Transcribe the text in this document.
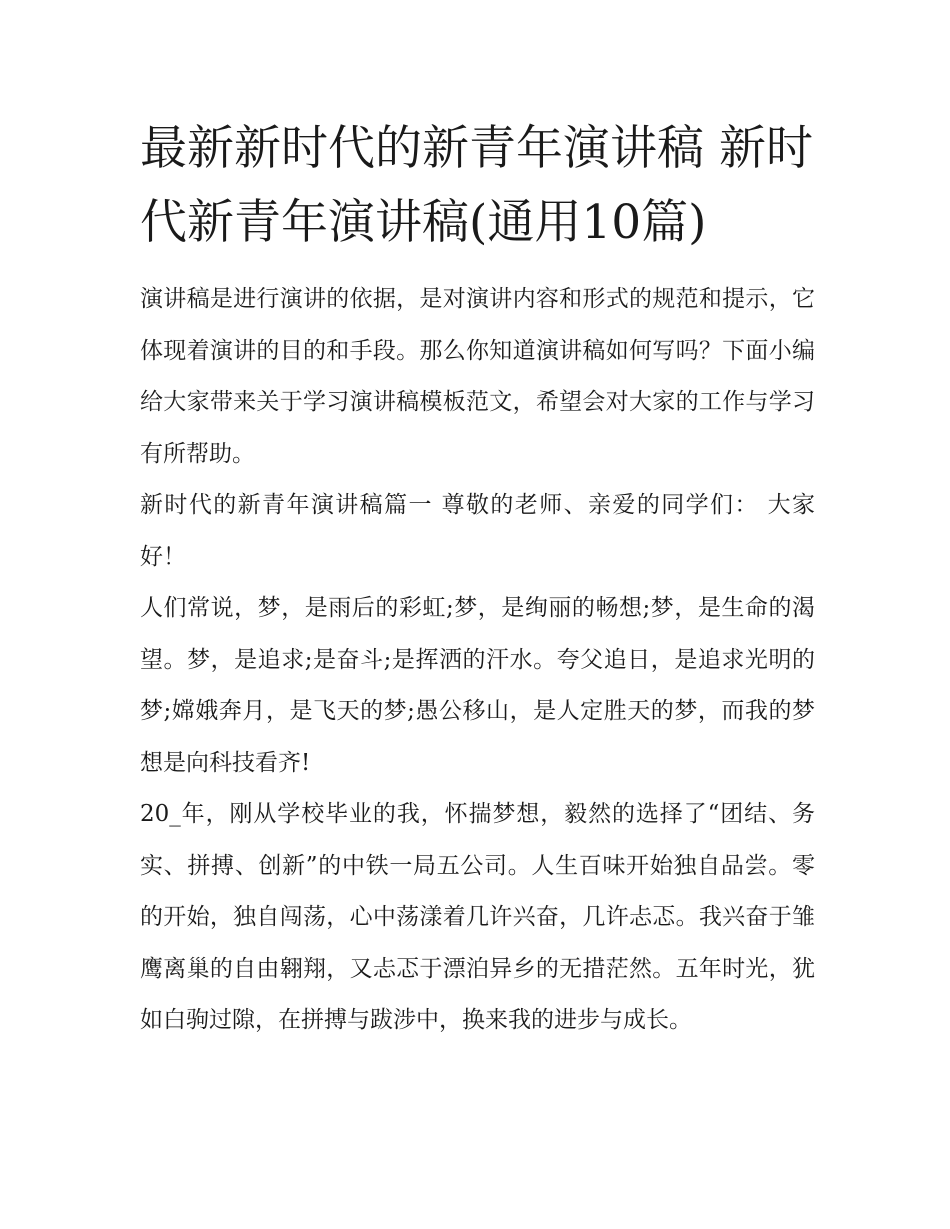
最新新时代的新青年演讲稿 新时代新青年演讲稿(通用10篇)

演讲稿是进行演讲的依据，是对演讲内容和形式的规范和提示，它体现着演讲的目的和手段。那么你知道演讲稿如何写吗？下面小编给大家带来关于学习演讲稿模板范文，希望会对大家的工作与学习有所帮助。

新时代的新青年演讲稿篇一 尊敬的老师、亲爱的同学们： 大家好！

人们常说，梦，是雨后的彩虹;梦，是绚丽的畅想;梦，是生命的渴望。梦，是追求;是奋斗;是挥洒的汗水。夸父追日，是追求光明的梦;嫦娥奔月，是飞天的梦;愚公移山，是人定胜天的梦，而我的梦想是向科技看齐!

20_年，刚从学校毕业的我，怀揣梦想，毅然的选择了“团结、务实、拼搏、创新”的中铁一局五公司。人生百味开始独自品尝。零的开始，独自闯荡，心中荡漾着几许兴奋，几许忐忑。我兴奋于雏鹰离巢的自由翱翔，又忐忑于漂泊异乡的无措茫然。五年时光，犹如白驹过隙，在拼搏与跋涉中，换来我的进步与成长。
